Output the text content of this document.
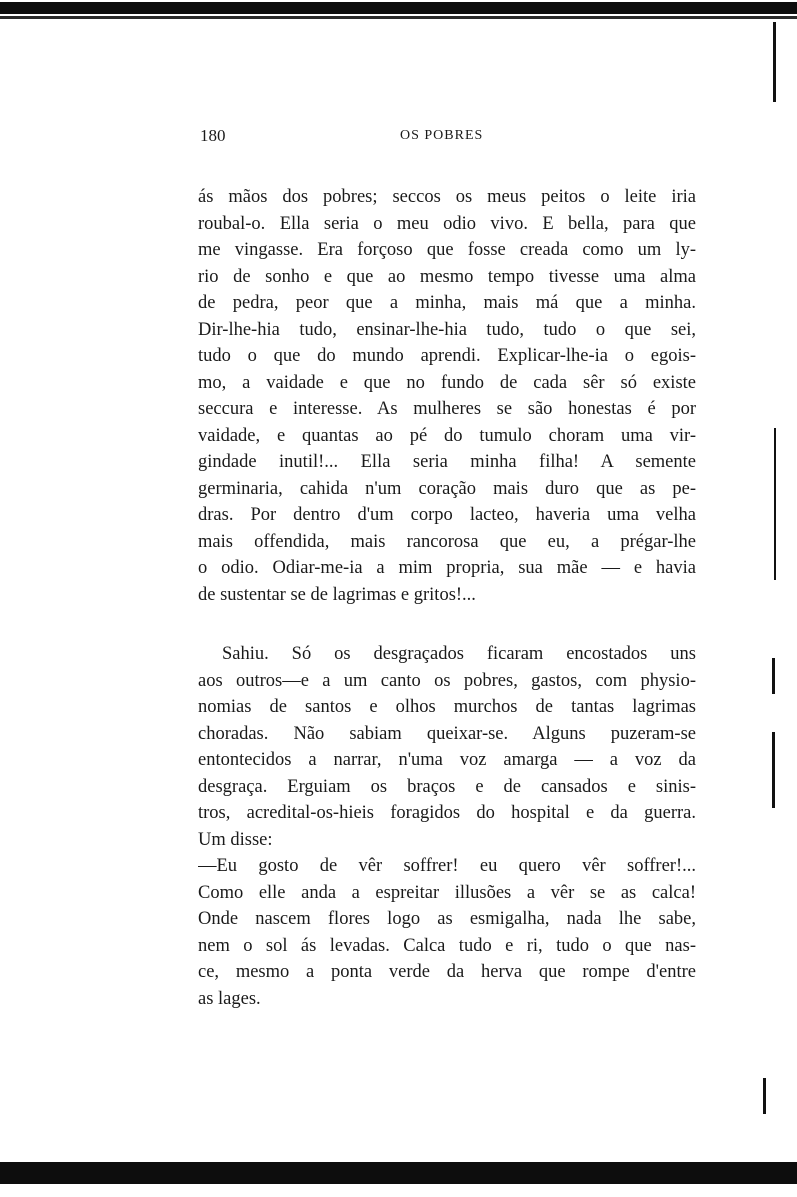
180	OS POBRES
ás mãos dos pobres; seccos os meus peitos o leite iria
roubal-o. Ella seria o meu odio vivo. E bella, para que
me vingasse. Era forçoso que fosse creada como um ly-
rio de sonho e que ao mesmo tempo tivesse uma alma
de pedra, peor que a minha, mais má que a minha.
Dir-lhe-hia tudo, ensinar-lhe-hia tudo, tudo o que sei,
tudo o que do mundo aprendi. Explicar-lhe-ia o egois-
mo, a vaidade e que no fundo de cada sêr só existe
seccura e interesse. As mulheres se são honestas é por
vaidade, e quantas ao pé do tumulo choram uma vir-
gindade inutil!... Ella seria minha filha! A semente
germinaria, cahida n'um coração mais duro que as pe-
dras. Por dentro d'um corpo lacteo, haveria uma velha
mais offendida, mais rancorosa que eu, a prégar-lhe
o odio. Odiar-me-ia a mim propria, sua mãe — e havia
de sustentar se de lagrimas e gritos!...
Sahiu. Só os desgraçados ficaram encostados uns
aos outros—e a um canto os pobres, gastos, com physio-
nomias de santos e olhos murchos de tantas lagrimas
choradas. Não sabiam queixar-se. Alguns puzeram-se
entontecidos a narrar, n'uma voz amarga — a voz da
desgraça. Erguiam os braços e de cansados e sinis-
tros, acredital-os-hieis foragidos do hospital e da guerra.
Um disse:
—Eu gosto de vêr soffrer! eu quero vêr soffrer!...
Como elle anda a espreitar illusões a vêr se as calca!
Onde nascem flores logo as esmigalha, nada lhe sabe,
nem o sol ás levadas. Calca tudo e ri, tudo o que nas-
ce, mesmo a ponta verde da herva que rompe d'entre
as lages.
